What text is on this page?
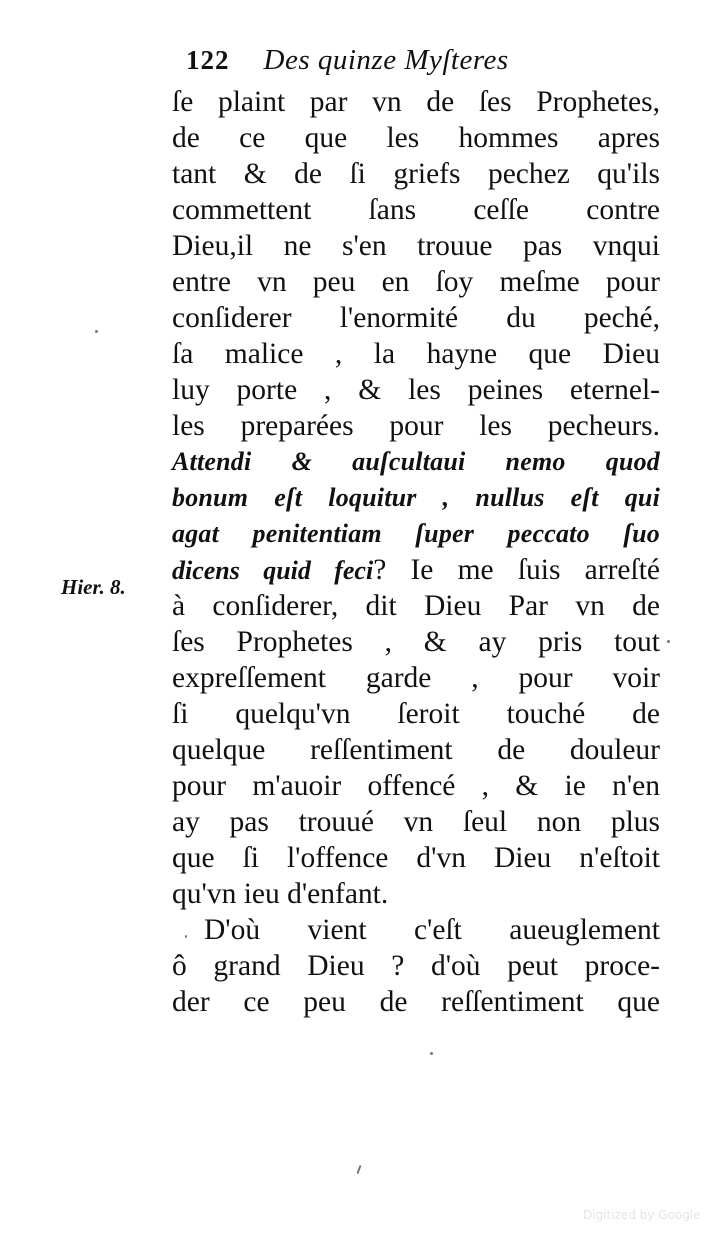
122 Des quinze Myſteres
Hier. 8.
ſe plaint par vn de ſes Prophetes,
de ce que les hommes apres
tant & de ſi griefs pechez qu'ils
commettent ſans ceſſe contre
Dieu,il ne s'en trouue pas vnqui
entre vn peu en ſoy meſme pour
conſiderer l'enormité du peché,
ſa malice , la hayne que Dieu
luy porte , & les peines eternel-
les preparées pour les pecheurs.
Attendi & auſcultaui nemo quod
bonum eſt loquitur , nullus eſt qui
agat penitentiam ſuper peccato ſuo
dicens quid feci? Ie me ſuis arreſté
à conſiderer, dit Dieu Par vn de
ſes Prophetes , & ay pris tout
expreſſement garde , pour voir
ſi quelqu'vn ſeroit touché de
quelque reſſentiment de douleur
pour m'auoir offencé , & ie n'en
ay pas trouué vn ſeul non plus
que ſi l'offence d'vn Dieu n'eſtoit
qu'vn ieu d'enfant.
D'où vient c'eſt aueuglement
ô grand Dieu ? d'où peut proce-
der ce peu de reſſentiment que
Digitized by Google
